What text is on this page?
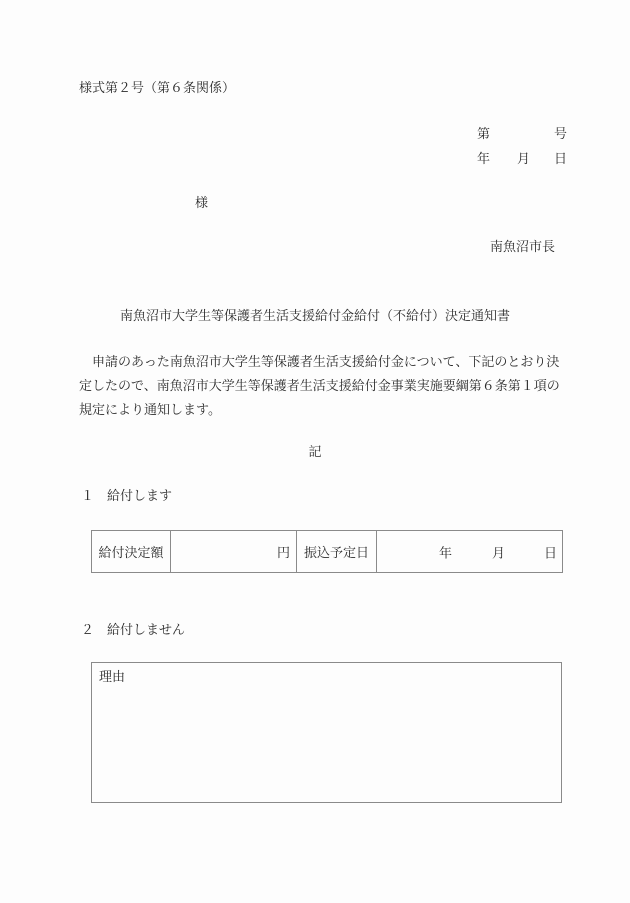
様式第２号（第６条関係）
第	号
年 月 日
様
南魚沼市長
南魚沼市大学生等保護者生活支援給付金給付（不給付）決定通知書
申請のあった南魚沼市大学生等保護者生活支援給付金について、下記のとおり決定したので、南魚沼市大学生等保護者生活支援給付金事業実施要綱第６条第１項の規定により通知します。
記
１　給付します
給付決定額	円	振込予定日	年	月	日
２　給付しません
理由
